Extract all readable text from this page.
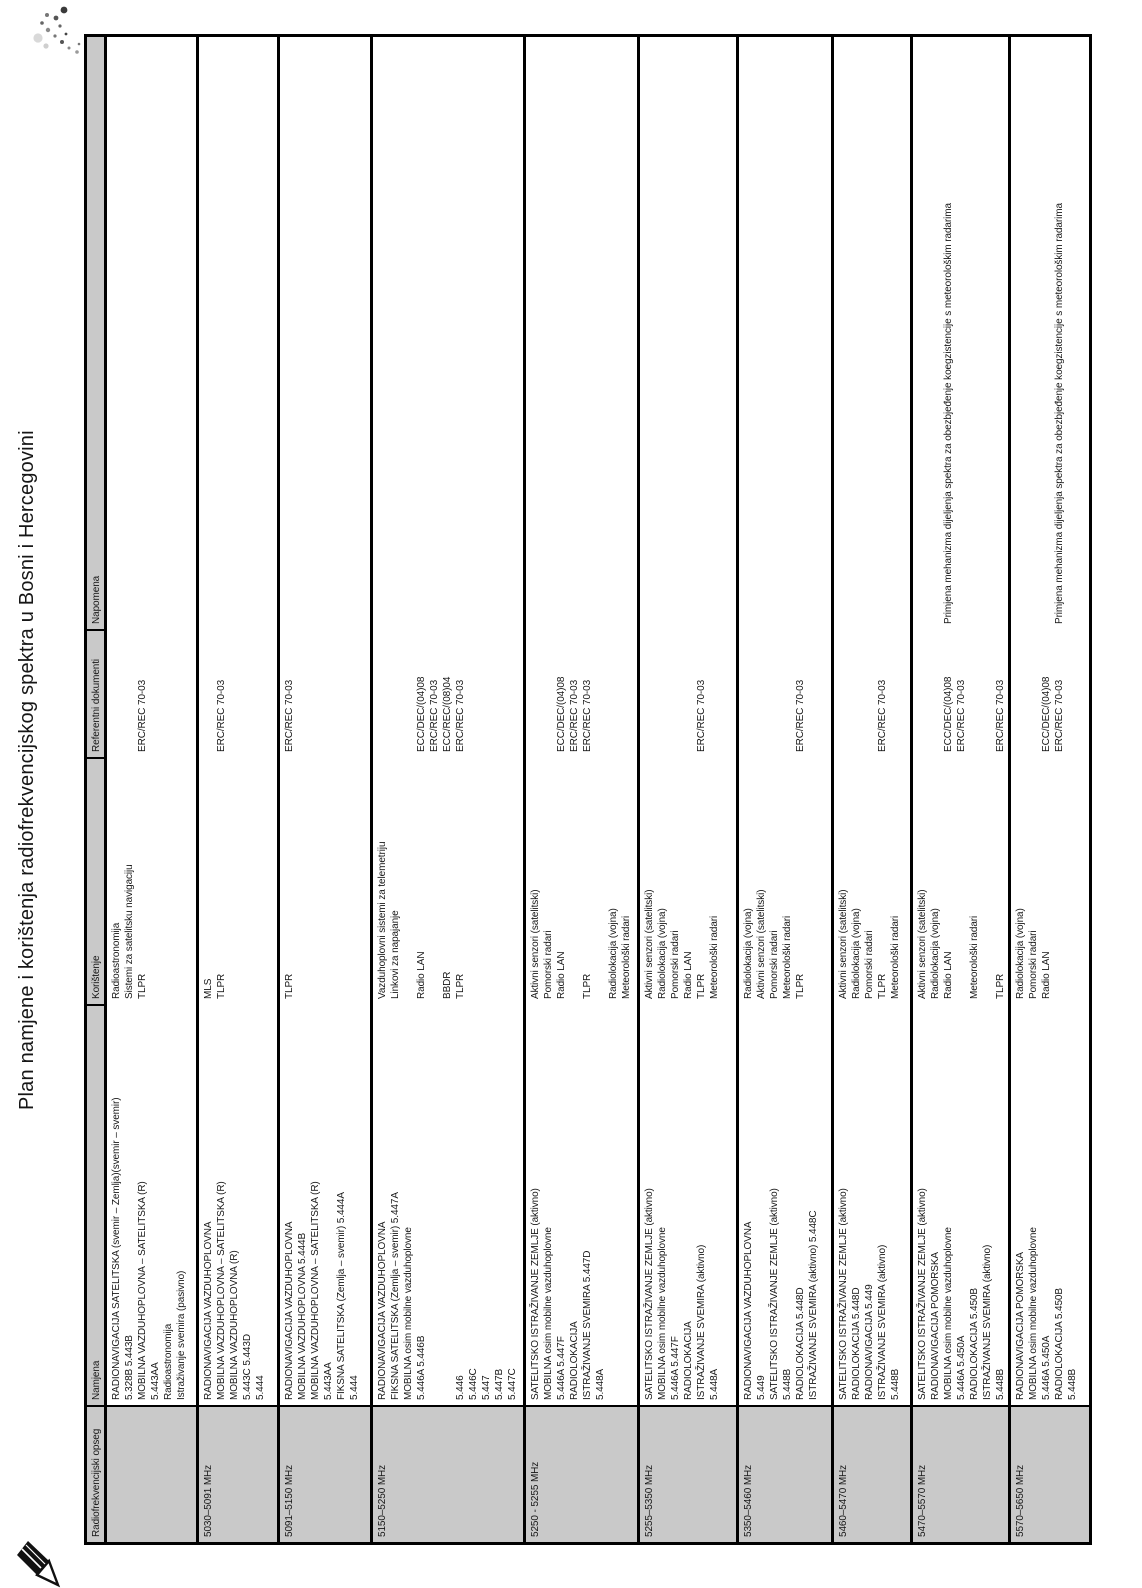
Plan namjene i korištenja radiofrekvencijskog spektra u Bosni i Hercegovini
Radiofrekvencijski opseg
Namjena
Korištenje
Referentni dokumenti
Napomena
RADIONAVIGACIJA SATELITSKA (svemir – Zemlja)(svemir – svemir) 5.328B 5.443B MOBILNA VAZDUHOPLOVNA – SATELITSKA (R) 5.443AA Radioastronomija Istraživanje svemira (pasivno)
Radioastronomija Sistemi za satelitsku navigaciju TLPR
ERC/REC 70-03
5030–5091 MHz
RADIONAVIGACIJA VAZDUHOPLOVNA MOBILNA VAZDUHOPLOVNA – SATELITSKA (R) MOBILNA VAZDUHOPLOVNA (R) 5.443C 5.443D 5.444
MLS TLPR
ERC/REC 70-03
5091–5150 MHz
RADIONAVIGACIJA VAZDUHOPLOVNA MOBILNA VAZDUHOPLOVNA 5.444B MOBILNA VAZDUHOPLOVNA – SATELITSKA (R) 5.443AA FIKSNA SATELITSKA (Zemlja – svemir) 5.444A 5.444
TLPR
ERC/REC 70-03
5150–5250 MHz
RADIONAVIGACIJA VAZDUHOPLOVNA FIKSNA SATELITSKA (Zemlja – svemir) 5.447A MOBILNA osim mobilne vazduhoplovne 5.446A 5.446B	5.446 5.446C 5.447 5.447B 5.447C
Vazduhoplovni sistemi za telemetriju Linkovi za napajanje Radio LAN BBDR TLPR
ECC/DEC/(04)08 ERC/REC 70-03 ECC/REC/(08)04 ERC/REC 70-03
5250 - 5255 MHz
SATELITSKO ISTRAŽIVANJE ZEMLJE (aktivno) MOBILNA osim mobilne vazduhoplovne 5.446A 5.447F RADIOLOKACIJA ISTRAŽIVANJE SVEMIRA 5.447D 5.448A
Aktivni senzori (satelitski) Pomorski radari Radio LAN TLPR Radiolokacija (vojna) Meteorološki radari
ECC/DEC/(04)08 ERC/REC 70-03 ERC/REC 70-03
5255–5350 MHz
SATELITSKO ISTRAŽIVANJE ZEMLJE (aktivno) MOBILNA osim mobilne vazduhoplovne 5.446A 5.447F RADIOLOKACIJA ISTRAŽIVANJE SVEMIRA (aktivno) 5.448A
Aktivni senzori (satelitski) Radiolokacija (vojna) Pomorski radari Radio LAN TLPR Meteorološki radari
ERC/REC 70-03
5350–5460 MHz
RADIONAVIGACIJA VAZDUHOPLOVNA 5.449 SATELITSKO ISTRAŽIVANJE ZEMLJE (aktivno) 5.448B RADIOLOKACIJA 5.448D ISTRAŽIVANJE SVEMIRA (aktivno) 5.448C
Radiolokacija (vojna) Aktivni senzori (satelitski) Pomorski radari Meteorološki radari TLPR
ERC/REC 70-03
5460–5470 MHz
SATELITSKO ISTRAŽIVANJE ZEMLJE (aktivno) RADIOLOKACIJA 5.448D RADIONAVIGACIJA 5.449 ISTRAŽIVANJE SVEMIRA (aktivno) 5.448B
Aktivni senzori (satelitski) Radiolokacija (vojna) Pomorski radari TLPR Meteorološki radari
ERC/REC 70-03
5470–5570 MHz
SATELITSKO ISTRAŽIVANJE ZEMLJE (aktivno) RADIONAVIGACIJA POMORSKA MOBILNA osim mobilne vazduhoplovne 5.446A 5.450A RADIOLOKACIJA 5.450B ISTRAŽIVANJE SVEMIRA (aktivno) 5.448B
Aktivni senzori (satelitski) Radiolokacija (vojna) Radio LAN Meteorološki radari TLPR
ECC/DEC/(04)08 ERC/REC 70-03	ERC/REC 70-03
Primjena mehanizma dijeljenja spektra za obezbjeđenje koegzistencije s meteorološkim radarima
5570–5650 MHz
RADIONAVIGACIJA POMORSKA MOBILNA osim mobilne vazduhoplovne 5.446A 5.450A RADIOLOKACIJA 5.450B 5.448B
Radiolokacija (vojna) Pomorski radari Radio LAN
ECC/DEC/(04)08 ERC/REC 70-03
Primjena mehanizma dijeljenja spektra za obezbjeđenje koegzistencije s meteorološkim radarima
